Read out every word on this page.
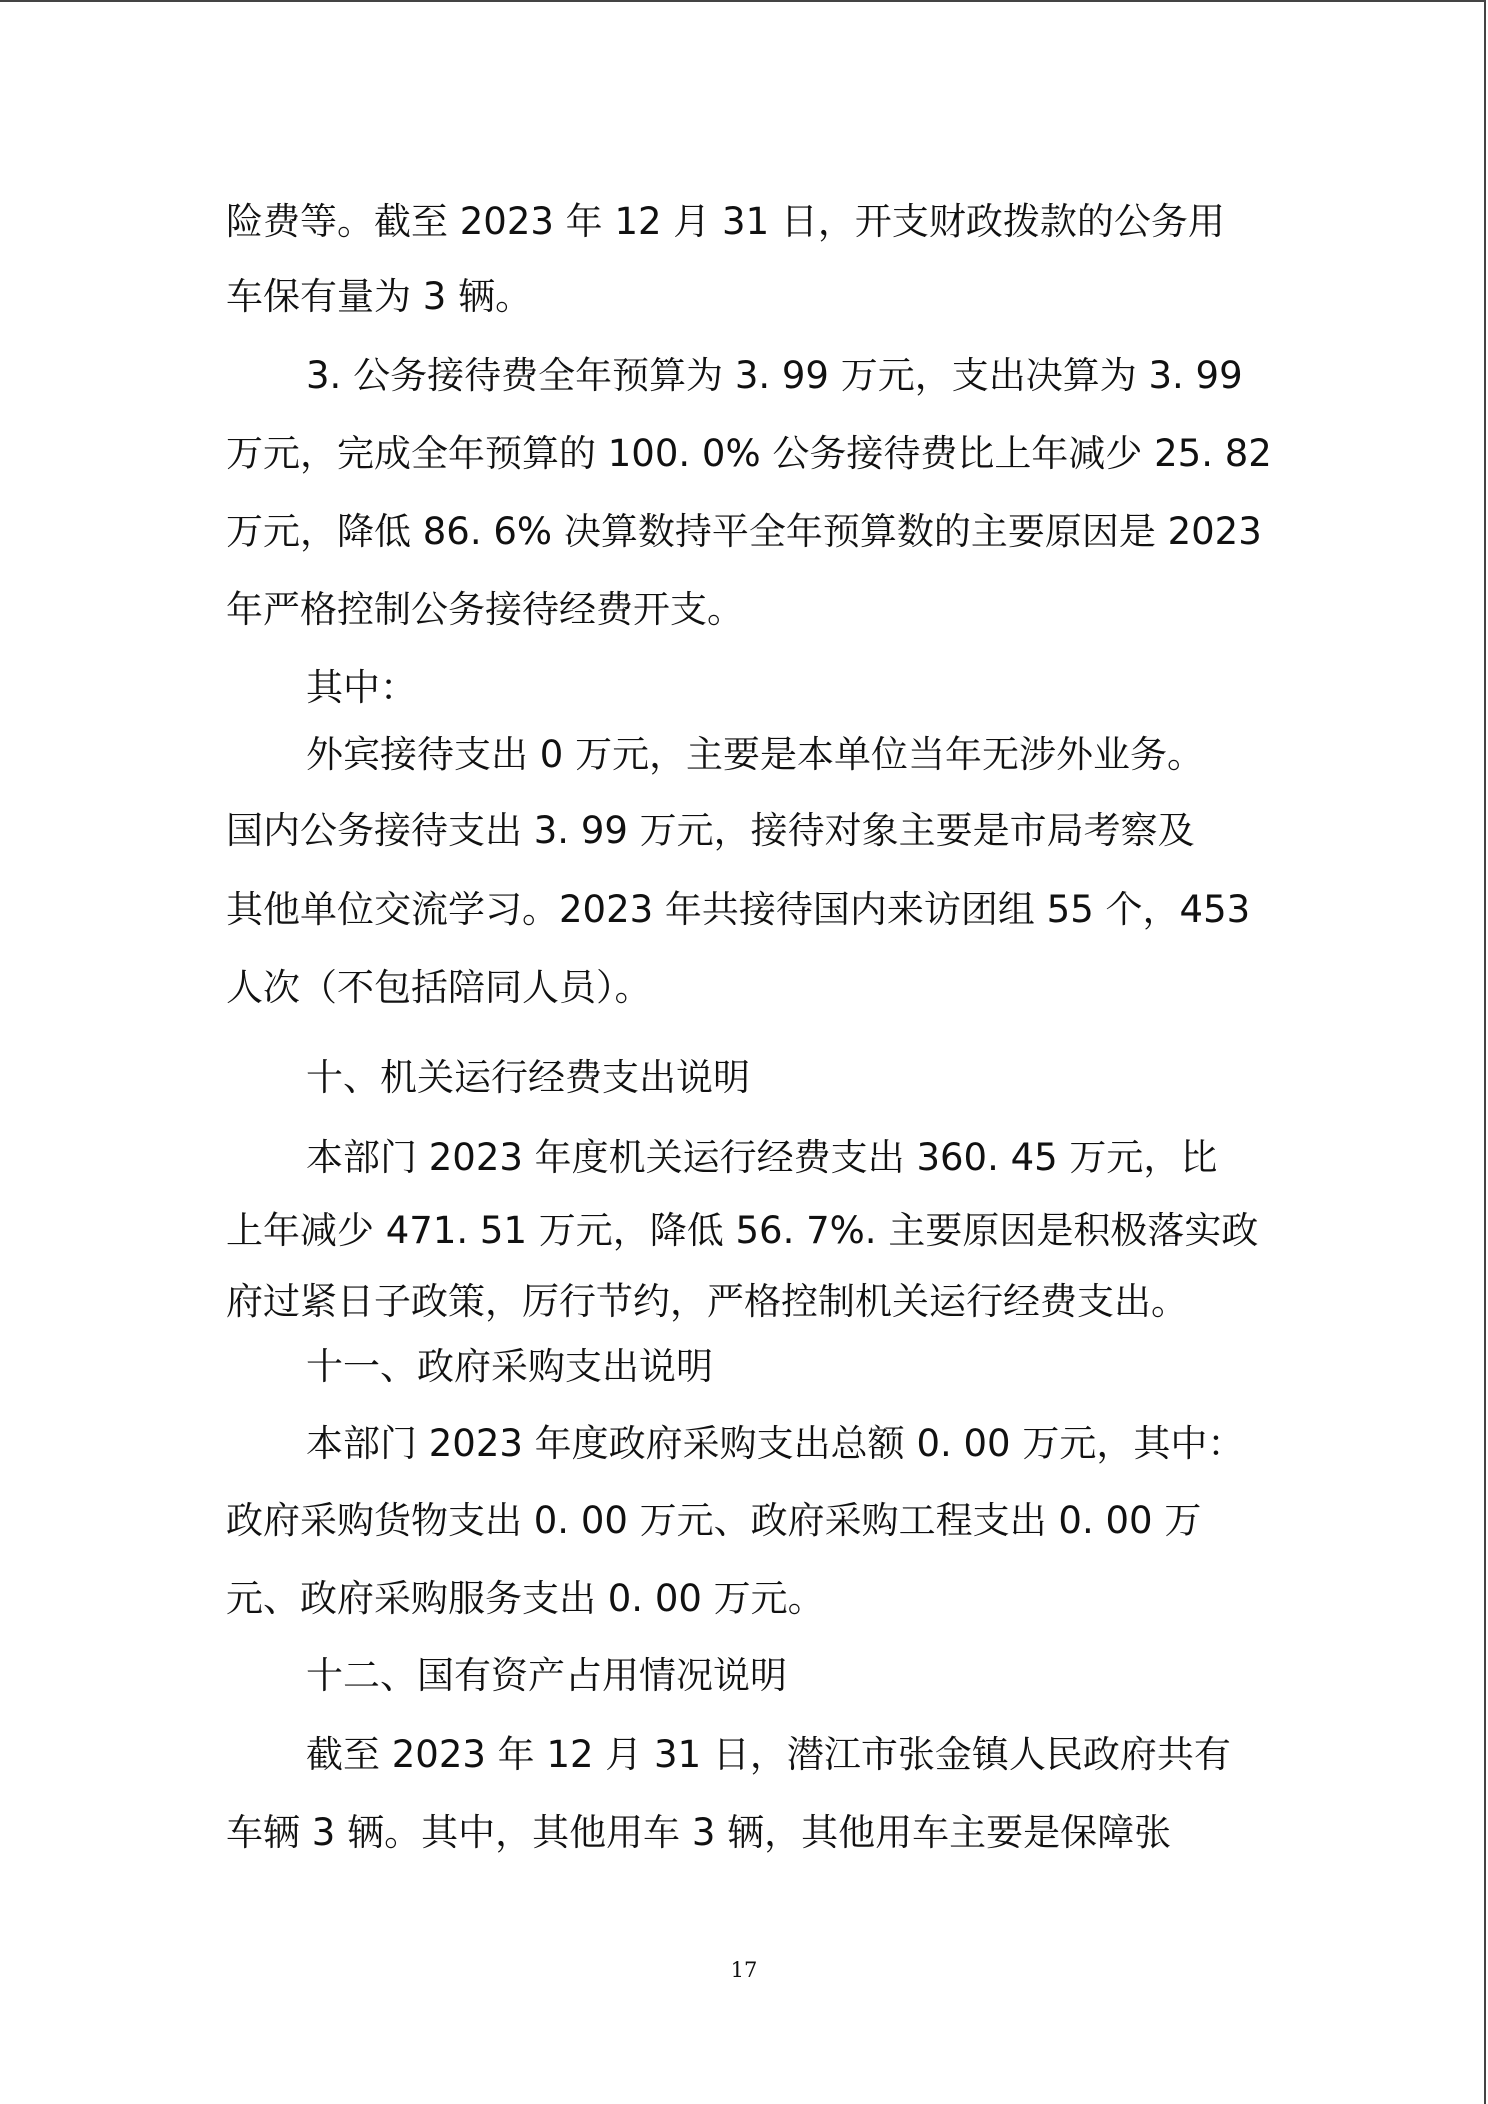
险费等。截至 2023 年 12 月 31 日，开支财政拨款的公务用
车保有量为 3 辆。
3. 公务接待费全年预算为 3. 99 万元，支出决算为 3. 99
万元，完成全年预算的 100. 0% 公务接待费比上年减少 25. 82
万元，降低 86. 6% 决算数持平全年预算数的主要原因是 2023
年严格控制公务接待经费开支。
其中：
外宾接待支出 0 万元，主要是本单位当年无涉外业务。
国内公务接待支出 3. 99 万元，接待对象主要是市局考察及
其他单位交流学习。2023 年共接待国内来访团组 55 个，453
人次（不包括陪同人员）。
十、机关运行经费支出说明
本部门 2023 年度机关运行经费支出 360. 45 万元，比
上年减少 471. 51 万元，降低 56. 7%. 主要原因是积极落实政
府过紧日子政策，厉行节约，严格控制机关运行经费支出。
十一、政府采购支出说明
本部门 2023 年度政府采购支出总额 0. 00 万元，其中：
政府采购货物支出 0. 00 万元、政府采购工程支出 0. 00 万
元、政府采购服务支出 0. 00 万元。
十二、国有资产占用情况说明
截至 2023 年 12 月 31 日，潜江市张金镇人民政府共有
车辆 3 辆。其中，其他用车 3 辆，其他用车主要是保障张
17
